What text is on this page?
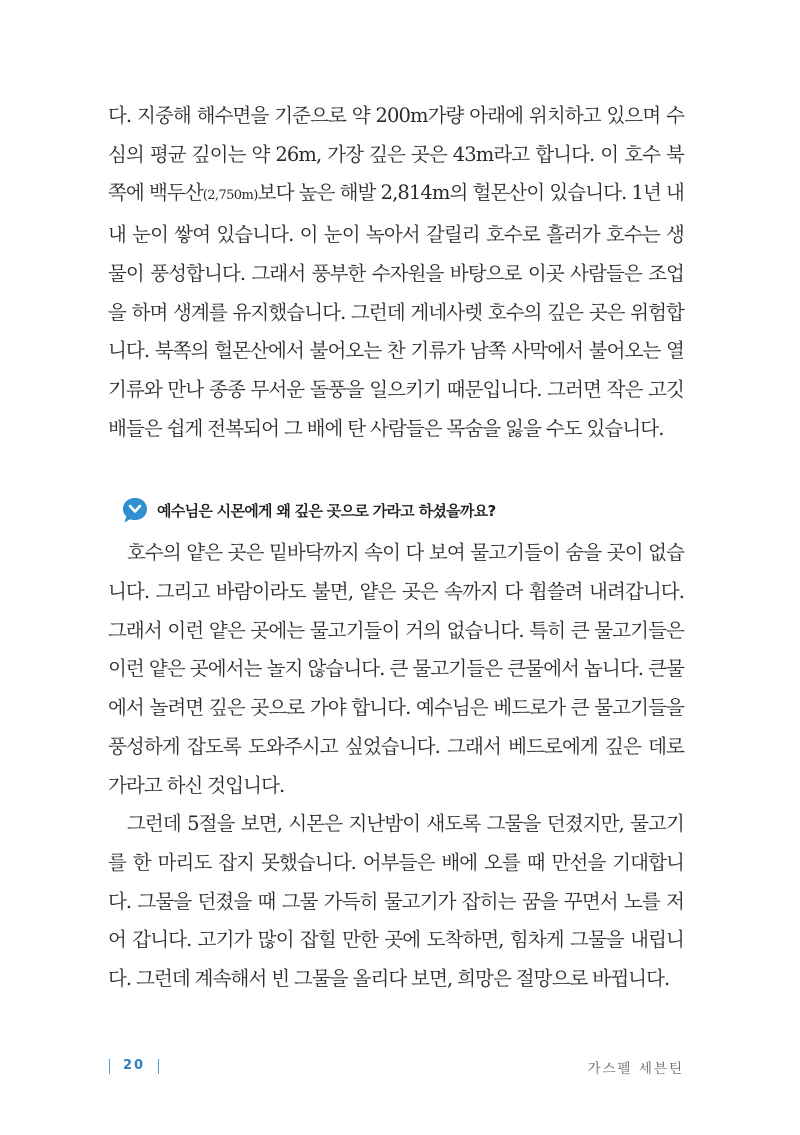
다. 지중해 해수면을 기준으로 약 200m가량 아래에 위치하고 있으며 수심의 평균 깊이는 약 26m, 가장 깊은 곳은 43m라고 합니다. 이 호수 북쪽에 백두산(2,750m)보다 높은 해발 2,814m의 헐몬산이 있습니다. 1년 내내 눈이 쌓여 있습니다. 이 눈이 녹아서 갈릴리 호수로 흘러가 호수는 생물이 풍성합니다. 그래서 풍부한 수자원을 바탕으로 이곳 사람들은 조업을 하며 생계를 유지했습니다. 그런데 게네사렛 호수의 깊은 곳은 위험합니다. 북쪽의 헐몬산에서 불어오는 찬 기류가 남쪽 사막에서 불어오는 열 기류와 만나 종종 무서운 돌풍을 일으키기 때문입니다. 그러면 작은 고깃배들은 쉽게 전복되어 그 배에 탄 사람들은 목숨을 잃을 수도 있습니다.

예수님은 시몬에게 왜 깊은 곳으로 가라고 하셨을까요?

호수의 얕은 곳은 밑바닥까지 속이 다 보여 물고기들이 숨을 곳이 없습니다. 그리고 바람이라도 불면, 얕은 곳은 속까지 다 휩쓸려 내려갑니다. 그래서 이런 얕은 곳에는 물고기들이 거의 없습니다. 특히 큰 물고기들은 이런 얕은 곳에서는 놀지 않습니다. 큰 물고기들은 큰물에서 놉니다. 큰물에서 놀려면 깊은 곳으로 가야 합니다. 예수님은 베드로가 큰 물고기들을 풍성하게 잡도록 도와주시고 싶었습니다. 그래서 베드로에게 깊은 데로 가라고 하신 것입니다.

그런데 5절을 보면, 시몬은 지난밤이 새도록 그물을 던졌지만, 물고기를 한 마리도 잡지 못했습니다. 어부들은 배에 오를 때 만선을 기대합니다. 그물을 던졌을 때 그물 가득히 물고기가 잡히는 꿈을 꾸면서 노를 저어 갑니다. 고기가 많이 잡힐 만한 곳에 도착하면, 힘차게 그물을 내립니다. 그런데 계속해서 빈 그물을 올리다 보면, 희망은 절망으로 바뀝니다.

20	가스펠 세븐틴
